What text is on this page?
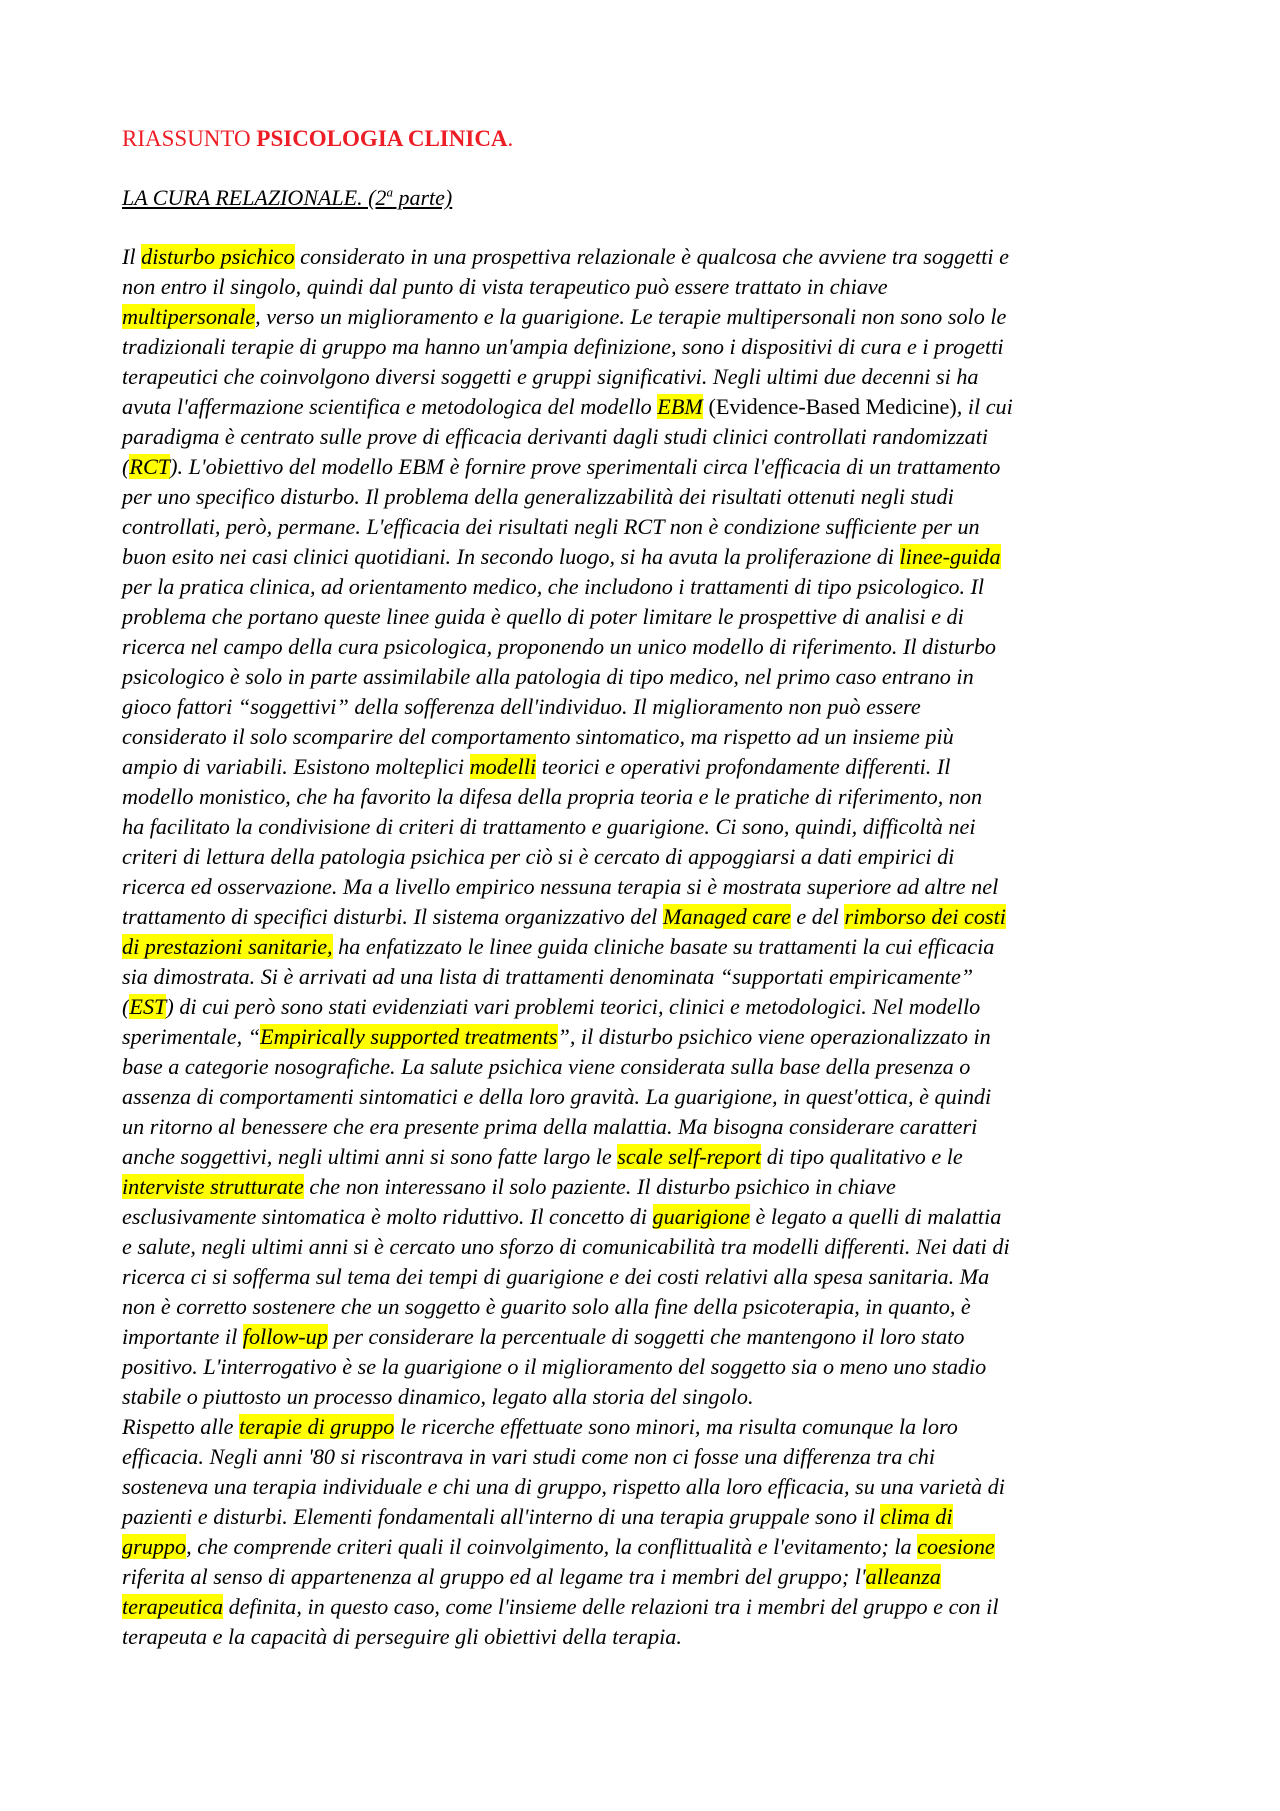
RIASSUNTO PSICOLOGIA CLINICA.
LA CURA RELAZIONALE. (2$^a$ parte)
Il disturbo psichico considerato in una prospettiva relazionale è qualcosa che avviene tra soggetti e
non entro il singolo, quindi dal punto di vista terapeutico può essere trattato in chiave
multipersonale, verso un miglioramento e la guarigione. Le terapie multipersonali non sono solo le
tradizionali terapie di gruppo ma hanno un'ampia definizione, sono i dispositivi di cura e i progetti
terapeutici che coinvolgono diversi soggetti e gruppi significativi. Negli ultimi due decenni si ha
avuta l'affermazione scientifica e metodologica del modello EBM (Evidence-Based Medicine), il cui
paradigma è centrato sulle prove di efficacia derivanti dagli studi clinici controllati randomizzati
(RCT). L'obiettivo del modello EBM è fornire prove sperimentali circa l'efficacia di un trattamento
per uno specifico disturbo. Il problema della generalizzabilità dei risultati ottenuti negli studi
controllati, però, permane. L'efficacia dei risultati negli RCT non è condizione sufficiente per un
buon esito nei casi clinici quotidiani. In secondo luogo, si ha avuta la proliferazione di linee-guida
per la pratica clinica, ad orientamento medico, che includono i trattamenti di tipo psicologico. Il
problema che portano queste linee guida è quello di poter limitare le prospettive di analisi e di
ricerca nel campo della cura psicologica, proponendo un unico modello di riferimento. Il disturbo
psicologico è solo in parte assimilabile alla patologia di tipo medico, nel primo caso entrano in
gioco fattori “soggettivi” della sofferenza dell'individuo. Il miglioramento non può essere
considerato il solo scomparire del comportamento sintomatico, ma rispetto ad un insieme più
ampio di variabili. Esistono molteplici modelli teorici e operativi profondamente differenti. Il
modello monistico, che ha favorito la difesa della propria teoria e le pratiche di riferimento, non
ha facilitato la condivisione di criteri di trattamento e guarigione. Ci sono, quindi, difficoltà nei
criteri di lettura della patologia psichica per ciò si è cercato di appoggiarsi a dati empirici di
ricerca ed osservazione. Ma a livello empirico nessuna terapia si è mostrata superiore ad altre nel
trattamento di specifici disturbi. Il sistema organizzativo del Managed care e del rimborso dei costi
di prestazioni sanitarie, ha enfatizzato le linee guida cliniche basate su trattamenti la cui efficacia
sia dimostrata. Si è arrivati ad una lista di trattamenti denominata “supportati empiricamente”
(EST) di cui però sono stati evidenziati vari problemi teorici, clinici e metodologici. Nel modello
sperimentale, “Empirically supported treatments”, il disturbo psichico viene operazionalizzato in
base a categorie nosografiche. La salute psichica viene considerata sulla base della presenza o
assenza di comportamenti sintomatici e della loro gravità. La guarigione, in quest'ottica, è quindi
un ritorno al benessere che era presente prima della malattia. Ma bisogna considerare caratteri
anche soggettivi, negli ultimi anni si sono fatte largo le scale self-report di tipo qualitativo e le
interviste strutturate che non interessano il solo paziente. Il disturbo psichico in chiave
esclusivamente sintomatica è molto riduttivo. Il concetto di guarigione è legato a quelli di malattia
e salute, negli ultimi anni si è cercato uno sforzo di comunicabilità tra modelli differenti. Nei dati di
ricerca ci si sofferma sul tema dei tempi di guarigione e dei costi relativi alla spesa sanitaria. Ma
non è corretto sostenere che un soggetto è guarito solo alla fine della psicoterapia, in quanto, è
importante il follow-up per considerare la percentuale di soggetti che mantengono il loro stato
positivo. L'interrogativo è se la guarigione o il miglioramento del soggetto sia o meno uno stadio
stabile o piuttosto un processo dinamico, legato alla storia del singolo.
Rispetto alle terapie di gruppo le ricerche effettuate sono minori, ma risulta comunque la loro
efficacia. Negli anni '80 si riscontrava in vari studi come non ci fosse una differenza tra chi
sosteneva una terapia individuale e chi una di gruppo, rispetto alla loro efficacia, su una varietà di
pazienti e disturbi. Elementi fondamentali all'interno di una terapia gruppale sono il clima di
gruppo, che comprende criteri quali il coinvolgimento, la conflittualità e l'evitamento; la coesione
riferita al senso di appartenenza al gruppo ed al legame tra i membri del gruppo; l'alleanza
terapeutica definita, in questo caso, come l'insieme delle relazioni tra i membri del gruppo e con il
terapeuta e la capacità di perseguire gli obiettivi della terapia.
